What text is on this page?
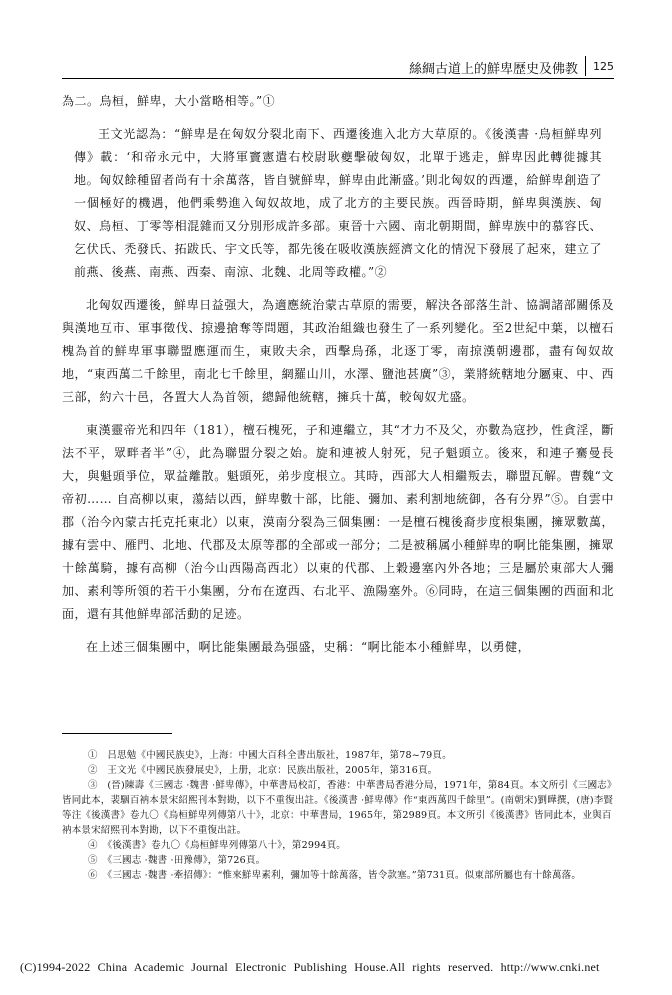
絲綢古道上的鮮卑歷史及佛教 125

為二。烏桓，鮮卑，大小當略相等。”①

王文光認為：“鮮卑是在匈奴分裂北南下、西遷後進入北方大草原的。《後漢書 ·烏桓鮮卑列傳》載：‘和帝永元中，大將軍竇憲遣右校尉耿夔擊破匈奴，北單于逃走，鮮卑因此轉徙據其地。匈奴餘種留者尚有十余萬落，皆自號鮮卑，鮮卑由此漸盛。’則北匈奴的西遷，給鮮卑創造了一個極好的機遇，他們乘勢進入匈奴故地，成了北方的主要民族。西晉時期，鮮卑與漢族、匈奴、烏桓、丁零等相混雜而又分別形成許多部。東晉十六國、南北朝期間，鮮卑族中的慕容氏、乞伏氏、禿發氏、拓跋氏、宇文氏等，都先後在吸收漢族經濟文化的情況下發展了起來，建立了前燕、後燕、南燕、西秦、南涼、北魏、北周等政權。”②

北匈奴西遷後，鮮卑日益强大，為適應統治蒙古草原的需要，解決各部落生計、協調諸部關係及與漢地互市、軍事徵伐、掠邊搶奪等問題，其政治組織也發生了一系列變化。至2世紀中葉，以檀石槐為首的鮮卑軍事聯盟應運而生，東敗夫余，西擊烏孫，北逐丁零，南掠漢朝邊郡，盡有匈奴故地，“東西萬二千餘里，南北七千餘里，網羅山川，水澤、鹽池甚廣”③，業將統轄地分屬東、中、西三部，約六十邑，各置大人為首领，總歸他統轄，擁兵十萬，較匈奴尤盛。

東漢靈帝光和四年（181），檀石槐死，子和連繼立，其“才力不及父，亦數為寇抄，性貪淫，斷法不平，眾畔者半”④，此為聯盟分裂之始。旋和連被人射死，兒子魁頭立。後來，和連子騫曼長大，與魁頭爭位，眾益離散。魁頭死，弟步度根立。其時，西部大人相繼叛去，聯盟瓦解。曹魏“文帝初…… 自高柳以東，蕩結以西，鮮卑數十部，比能、彌加、素利割地統御，各有分界”⑤。自雲中郡（治今內蒙古托克托東北）以東，漠南分裂為三個集團：一是檀石槐後裔步度根集團，擁眾數萬，據有雲中、雁門、北地、代郡及太原等郡的全部或一部分；二是被稱属小種鮮卑的啊比能集團，擁眾十餘萬騎，據有高柳（治今山西陽高西北）以東的代郡、上穀邊塞內外各地；三是屬於東部大人彌加、素利等所領的若干小集團，分布在遼西、右北平、漁陽塞外。⑥同時，在這三個集團的西面和北面，還有其他鮮卑部活動的足迹。

在上述三個集團中，啊比能集團最為强盛，史稱：“啊比能本小種鮮卑，以勇健，

①　吕思勉《中國民族史》，上海：中國大百科全書出版社，1987年，第78~79頁。

②　王文光《中國民族發展史》，上册，北京：民族出版社，2005年，第316頁。

③　(晉)陳壽《三國志 ·魏書 ·鮮卑傳》，中華書局校訂，香港：中華書局香港分局，1971年，第84頁。本文所引《三國志》皆同此本，裴駰百衲本景宋紹熙刊本對勘，以下不重復出註。《後漢書 ·鮮卑傳》作“東西萬四千餘里”。(南朝宋)劉曄撰，(唐)李賢等注《後漢書》卷九〇《烏桓鮮卑列傳第八十》，北京：中華書局，1965年，第2989頁。本文所引《後漢書》皆同此本，业與百衲本景宋紹熙刊本對勘，以下不重復出註。

④　《後漢書》卷九〇《烏桓鮮卑列傳第八十》，第2994頁。

⑤　《三國志 ·魏書 ·田豫傳》，第726頁。

⑥　《三國志 ·魏書 ·牽招傳》：“惟來鮮卑素利，彌加等十餘萬落，皆令款塞。”第731頁。似東部所屬也有十餘萬落。

(C)1994-2022 China Academic Journal Electronic Publishing House.All rights reserved. http://www.cnki.net
